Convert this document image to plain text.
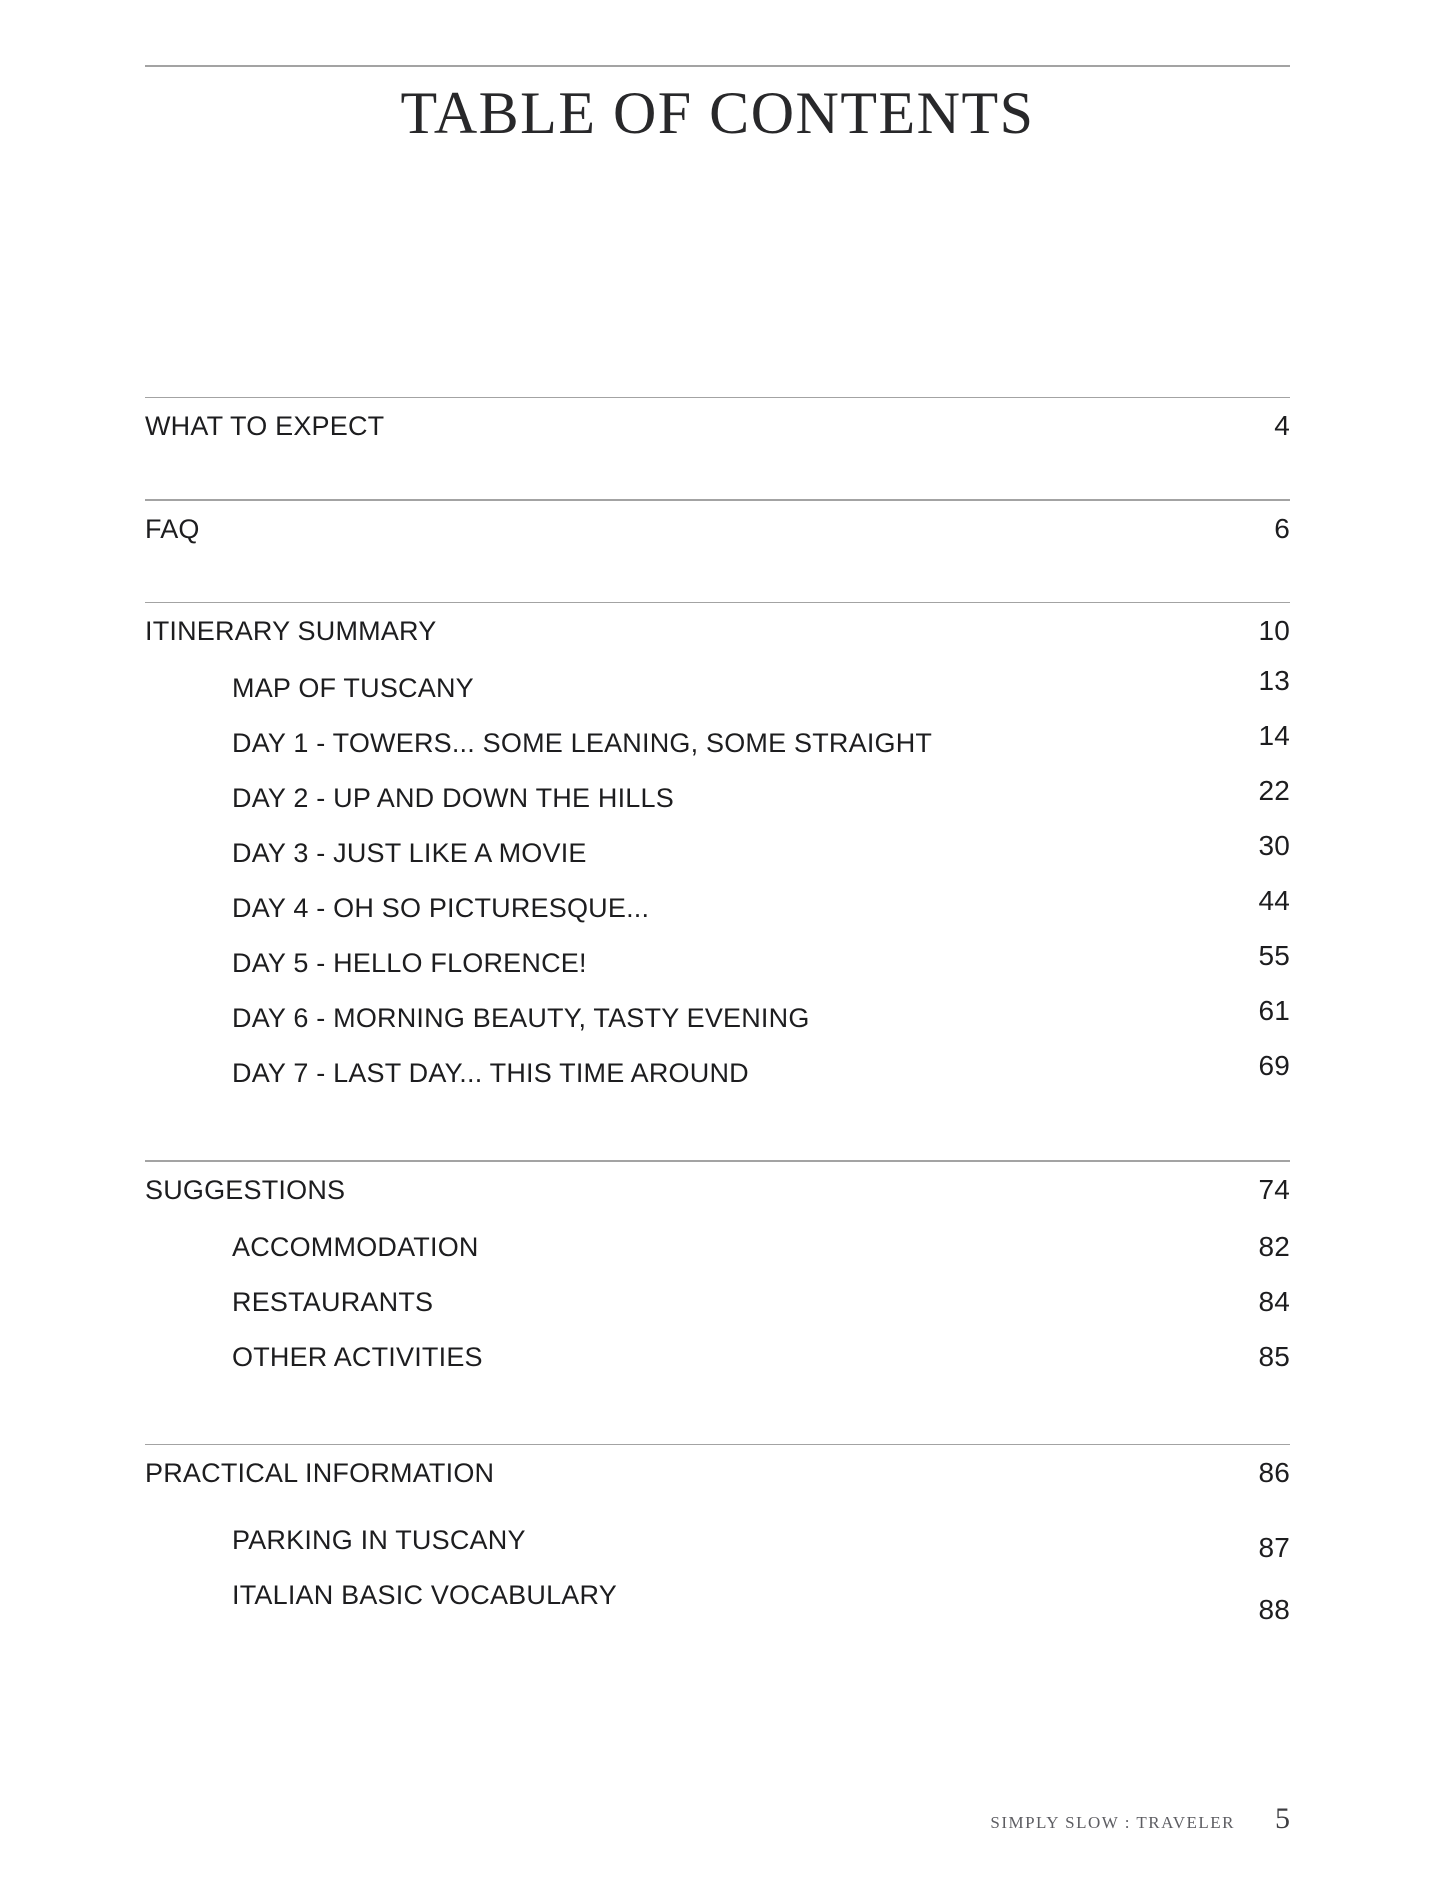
TABLE OF CONTENTS
WHAT TO EXPECT	4
FAQ	6
ITINERARY SUMMARY	10
MAP OF TUSCANY	13
DAY 1 - TOWERS... SOME LEANING, SOME STRAIGHT	14
DAY 2 - UP AND DOWN THE HILLS	22
DAY 3 - JUST LIKE A MOVIE	30
DAY 4 - OH SO PICTURESQUE...	44
DAY 5 - HELLO FLORENCE!	55
DAY 6 - MORNING BEAUTY, TASTY EVENING	61
DAY 7 - LAST DAY... THIS TIME AROUND	69
SUGGESTIONS	74
ACCOMMODATION	82
RESTAURANTS	84
OTHER ACTIVITIES	85
PRACTICAL INFORMATION	86
PARKING IN TUSCANY	87
ITALIAN BASIC VOCABULARY	88
SIMPLY SLOW : TRAVELER 5
